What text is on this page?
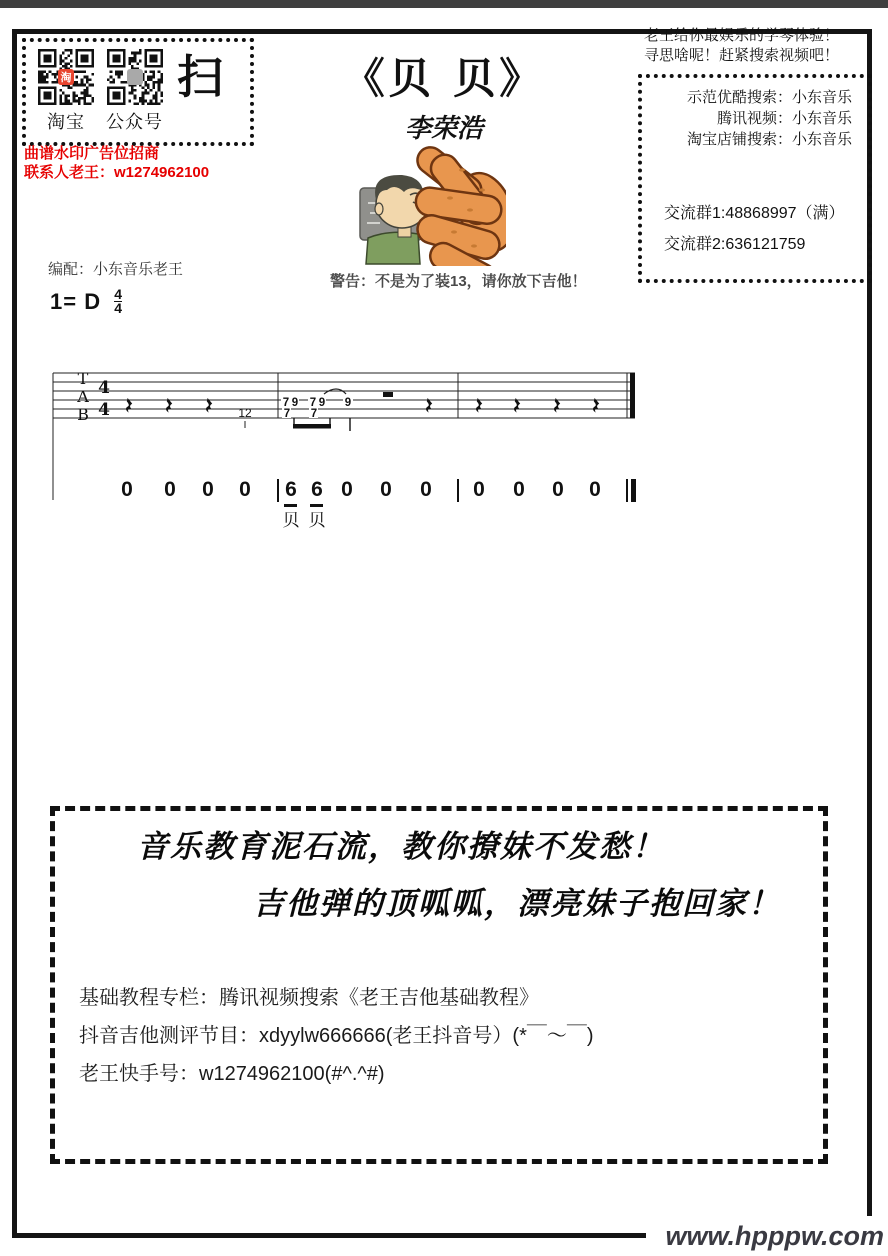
淘
淘宝 公众号
扫
曲谱水印广告位招商
联系人老王：w1274962100
老王给你最娱乐的学琴体验！
寻思啥呢！赶紧搜索视频吧！
示范优酷搜索：小东音乐
腾讯视频：小东音乐
淘宝店铺搜索：小东音乐
交流群1:48868997（满）
交流群2:636121759
《贝 贝》
李荣浩
警告：不是为了装13，请你放下吉他！
编配：小东音乐老王
1= D 4
4
T
A
B
4
4	12
7 9
7
7 9
7
9
0 0 0 0 6 6 0 0 0 0 0 0 0
贝 贝
音乐教育泥石流，教你撩妹不发愁！
吉他弹的顶呱呱，漂亮妹子抱回家！
基础教程专栏：腾讯视频搜索《老王吉他基础教程》
抖音吉他测评节目：xdyylw666666(老王抖音号）(*￣〜￣)
老王快手号：w1274962100(#^.^#)
www.hpppw.com
